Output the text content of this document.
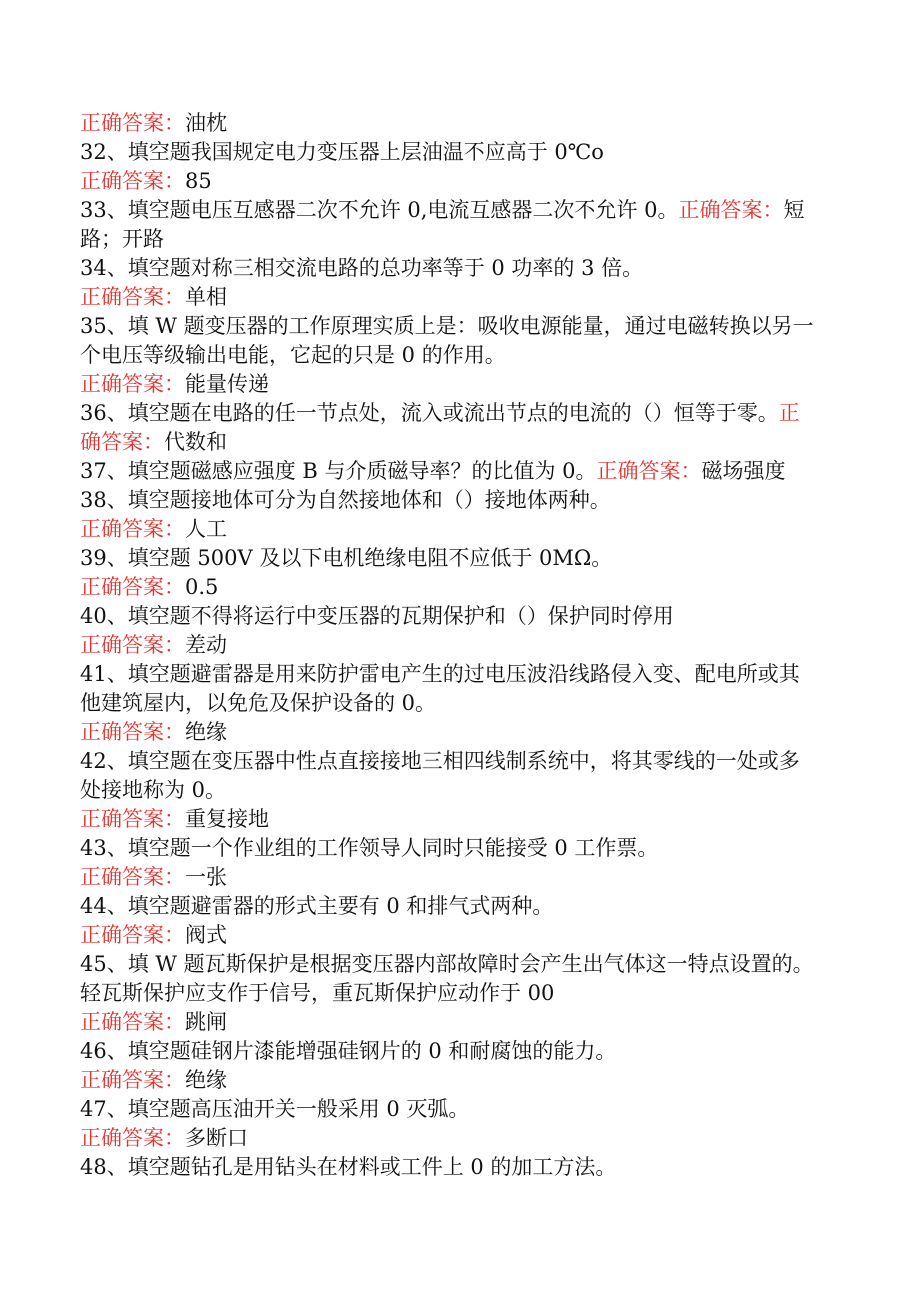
正确答案：油枕
32、填空题我国规定电力变压器上层油温不应高于 0℃o
正确答案：85
33、填空题电压互感器二次不允许 0,电流互感器二次不允许 0。正确答案：短
路；开路
34、填空题对称三相交流电路的总功率等于 0 功率的 3 倍。
正确答案：单相
35、填 W 题变压器的工作原理实质上是：吸收电源能量，通过电磁转换以另一
个电压等级输出电能，它起的只是 0 的作用。
正确答案：能量传递
36、填空题在电路的任一节点处，流入或流出节点的电流的（）恒等于零。正
确答案：代数和
37、填空题磁感应强度 B 与介质磁导率？的比值为 0。正确答案：磁场强度
38、填空题接地体可分为自然接地体和（）接地体两种。
正确答案：人工
39、填空题 500V 及以下电机绝缘电阻不应低于 0MΩ。
正确答案：0.5
40、填空题不得将运行中变压器的瓦期保护和（）保护同时停用
正确答案：差动
41、填空题避雷器是用来防护雷电产生的过电压波沿线路侵入变、配电所或其
他建筑屋内，以免危及保护设备的 0。
正确答案：绝缘
42、填空题在变压器中性点直接接地三相四线制系统中，将其零线的一处或多
处接地称为 0。
正确答案：重复接地
43、填空题一个作业组的工作领导人同时只能接受 0 工作票。
正确答案：一张
44、填空题避雷器的形式主要有 0 和排气式两种。
正确答案：阀式
45、填 W 题瓦斯保护是根据变压器内部故障时会产生出气体这一特点设置的。
轻瓦斯保护应支作于信号，重瓦斯保护应动作于 00
正确答案：跳闸
46、填空题硅钢片漆能增强硅钢片的 0 和耐腐蚀的能力。
正确答案：绝缘
47、填空题高压油开关一般采用 0 灭弧。
正确答案：多断口
48、填空题钻孔是用钻头在材料或工件上 0 的加工方法。
